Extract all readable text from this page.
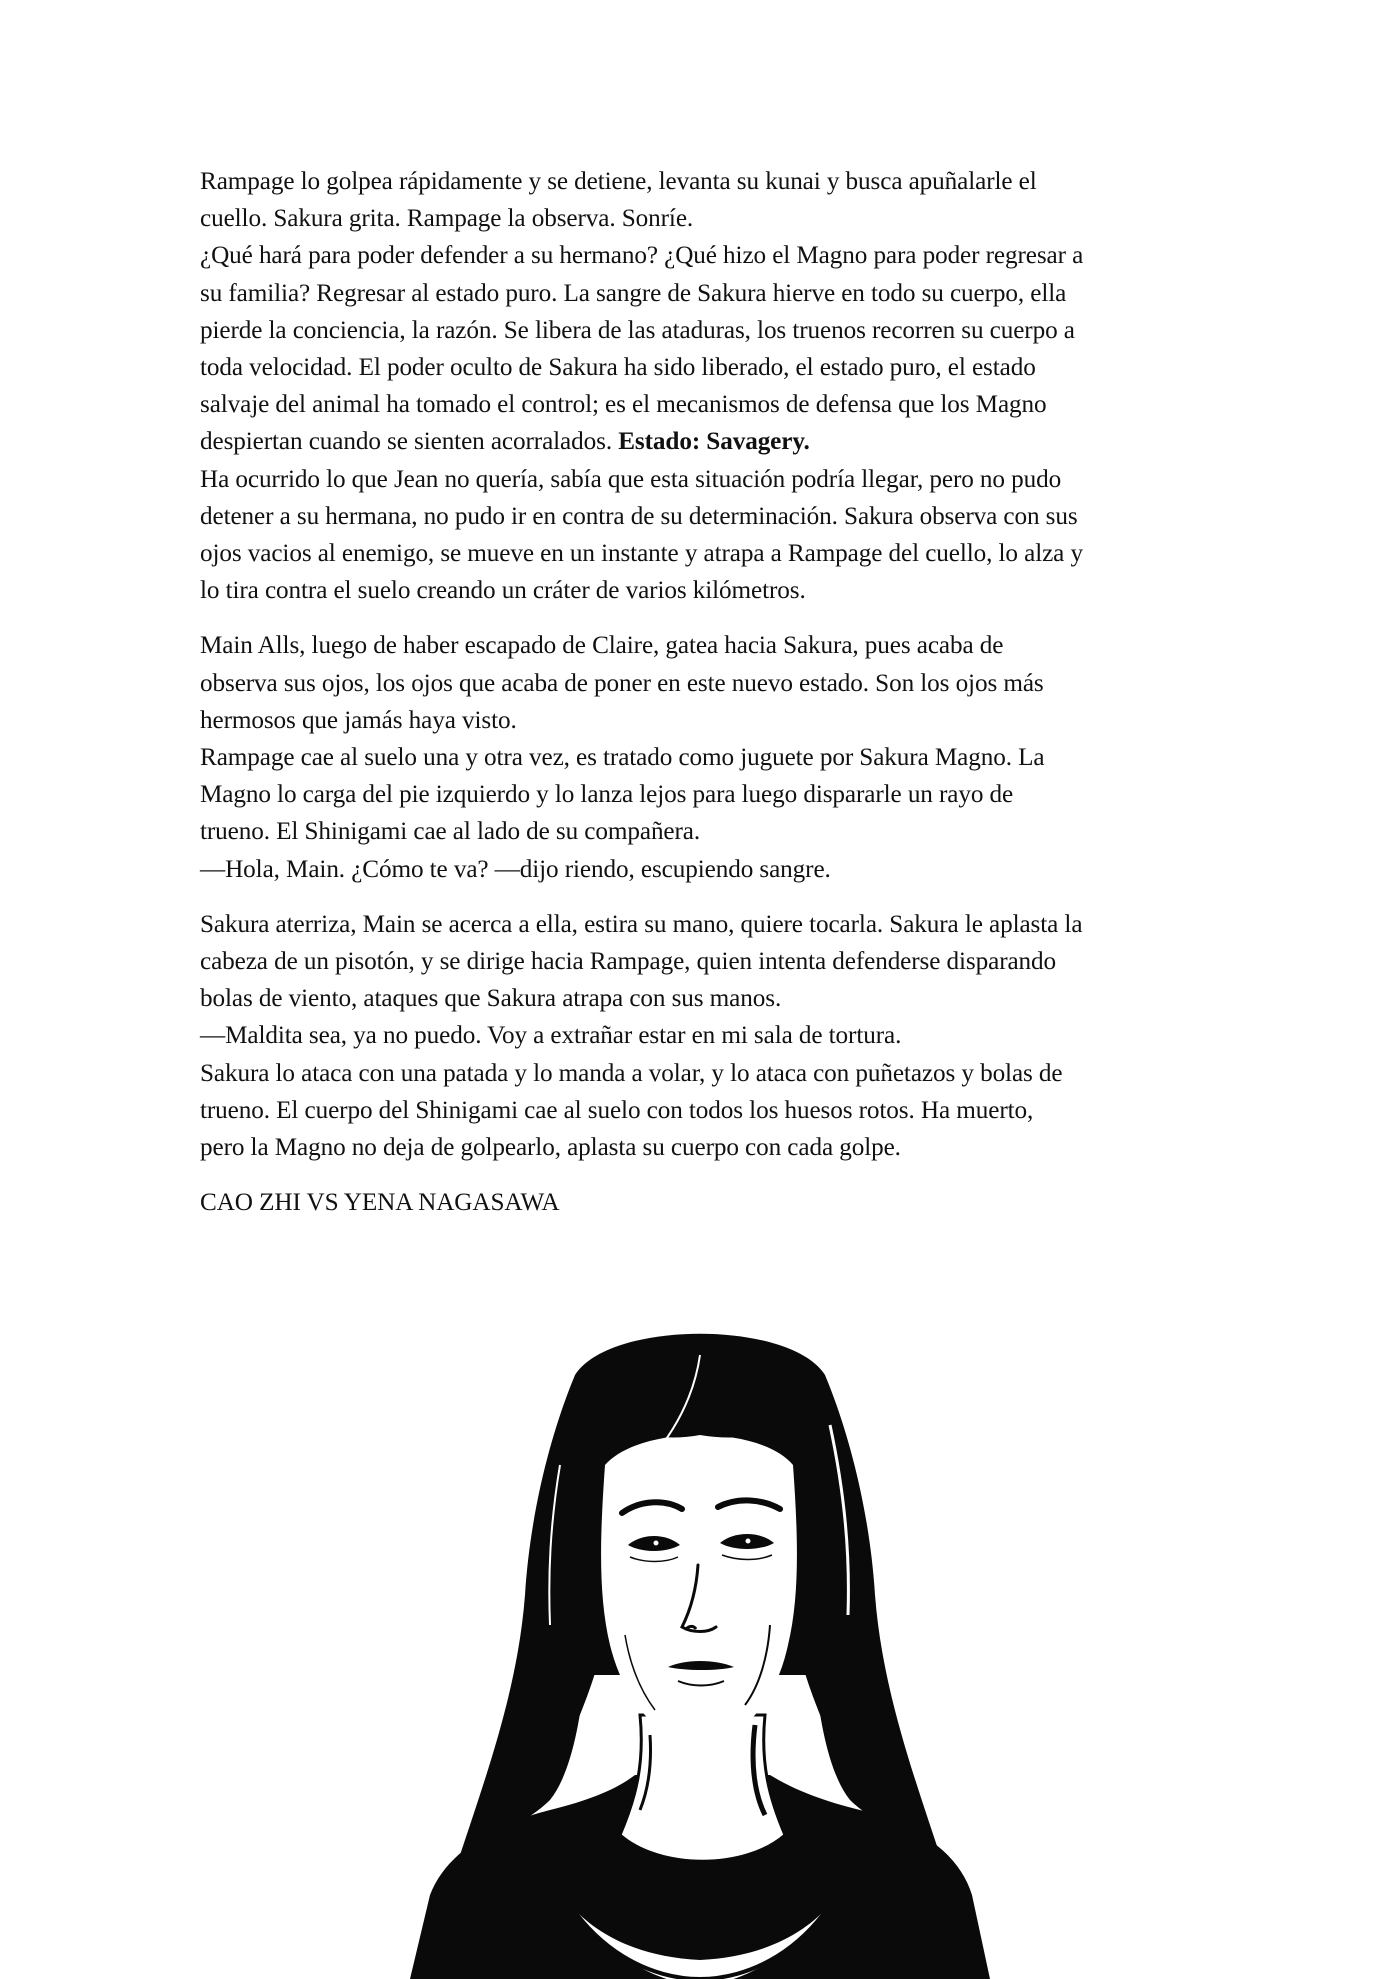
Rampage lo golpea rápidamente y se detiene, levanta su kunai y busca apuñalarle el
cuello. Sakura grita. Rampage la observa. Sonríe.
¿Qué hará para poder defender a su hermano? ¿Qué hizo el Magno para poder regresar a
su familia? Regresar al estado puro. La sangre de Sakura hierve en todo su cuerpo, ella
pierde la conciencia, la razón. Se libera de las ataduras, los truenos recorren su cuerpo a
toda velocidad. El poder oculto de Sakura ha sido liberado, el estado puro, el estado
salvaje del animal ha tomado el control; es el mecanismos de defensa que los Magno
despiertan cuando se sienten acorralados. Estado: Savagery.
Ha ocurrido lo que Jean no quería, sabía que esta situación podría llegar, pero no pudo
detener a su hermana, no pudo ir en contra de su determinación. Sakura observa con sus
ojos vacios al enemigo, se mueve en un instante y atrapa a Rampage del cuello, lo alza y
lo tira contra el suelo creando un cráter de varios kilómetros.
Main Alls, luego de haber escapado de Claire, gatea hacia Sakura, pues acaba de
observa sus ojos, los ojos que acaba de poner en este nuevo estado. Son los ojos más
hermosos que jamás haya visto.
Rampage cae al suelo una y otra vez, es tratado como juguete por Sakura Magno. La
Magno lo carga del pie izquierdo y lo lanza lejos para luego dispararle un rayo de
trueno. El Shinigami cae al lado de su compañera.
—Hola, Main. ¿Cómo te va? —dijo riendo, escupiendo sangre.
Sakura aterriza, Main se acerca a ella, estira su mano, quiere tocarla. Sakura le aplasta la
cabeza de un pisotón, y se dirige hacia Rampage, quien intenta defenderse disparando
bolas de viento, ataques que Sakura atrapa con sus manos.
—Maldita sea, ya no puedo. Voy a extrañar estar en mi sala de tortura.
Sakura lo ataca con una patada y lo manda a volar, y lo ataca con puñetazos y bolas de
trueno. El cuerpo del Shinigami cae al suelo con todos los huesos rotos. Ha muerto,
pero la Magno no deja de golpearlo, aplasta su cuerpo con cada golpe.
CAO ZHI VS YENA NAGASAWA
